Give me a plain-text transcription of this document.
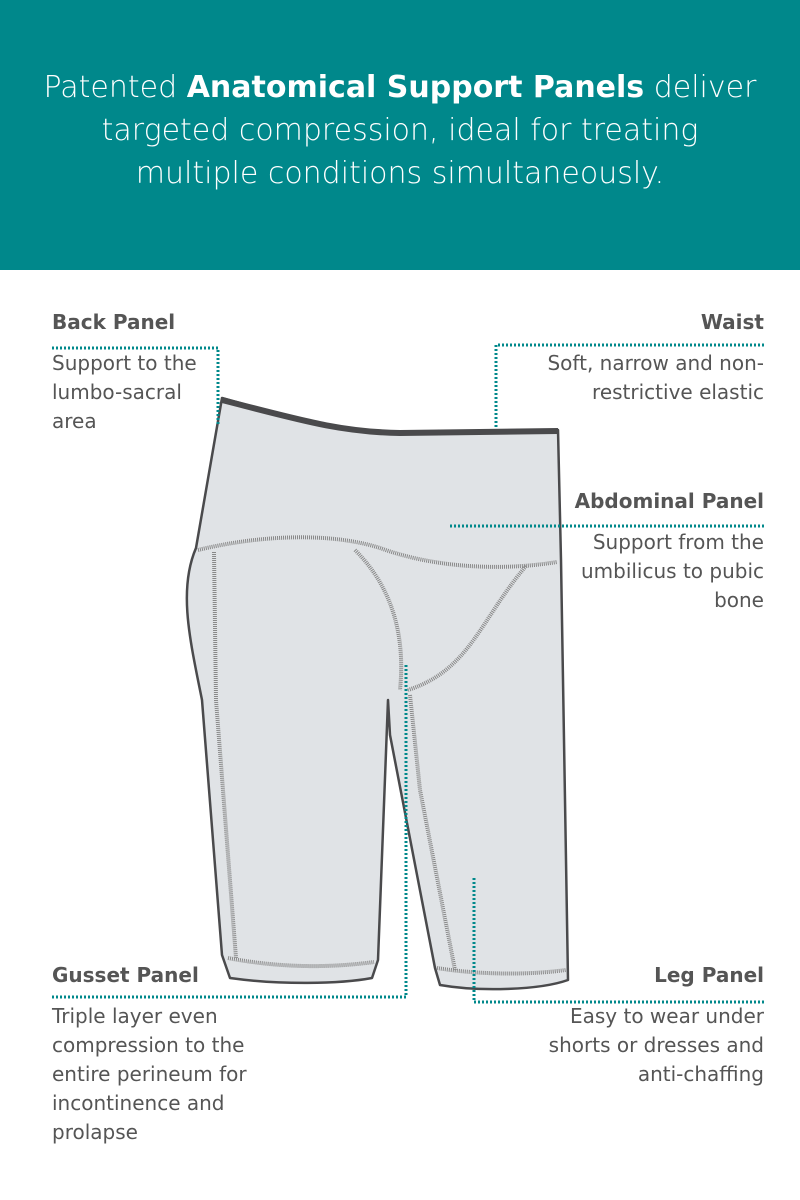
Patented Anatomical Support Panels deliver targeted compression, ideal for treating multiple conditions simultaneously.

Back Panel
Support to the lumbo-sacral area
Waist
Soft, narrow and non-restrictive elastic
Abdominal Panel
Support from the umbilicus to pubic bone
Gusset Panel
Triple layer even compression to the entire perineum for incontinence and prolapse
Leg Panel
Easy to wear under shorts or dresses and anti-chaffing
